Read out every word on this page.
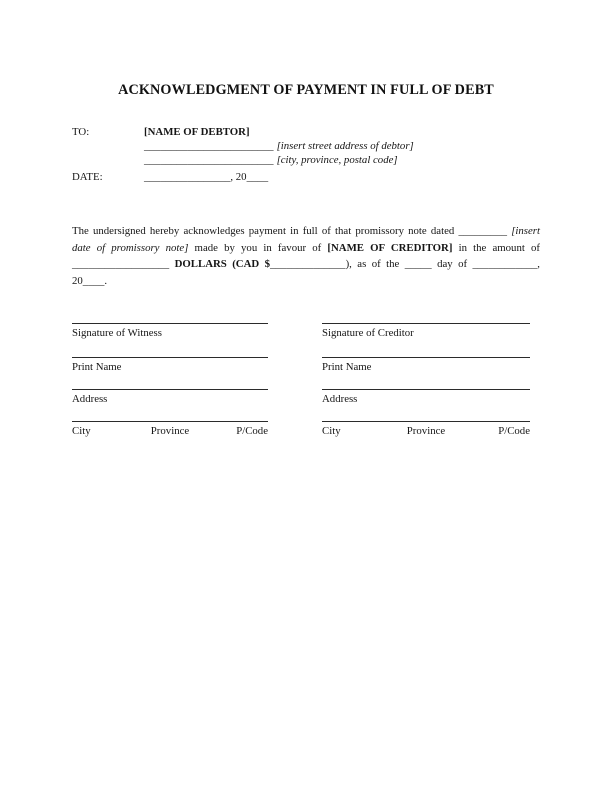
ACKNOWLEDGMENT OF PAYMENT IN FULL OF DEBT
TO:	[NAME OF DEBTOR]
________________________ [insert street address of debtor]
________________________ [city, province, postal code]
DATE:	________________, 20____
The undersigned hereby acknowledges payment in full of that promissory note dated _________ [insert
date of promissory note] made by you in favour of [NAME OF CREDITOR] in the amount of
__________________ DOLLARS (CAD $______________), as of the _____ day of ____________,
20____.
Signature of Witness
Print Name
Address
City	Province	P/Code
Signature of Creditor
Print Name
Address
City	Province	P/Code
